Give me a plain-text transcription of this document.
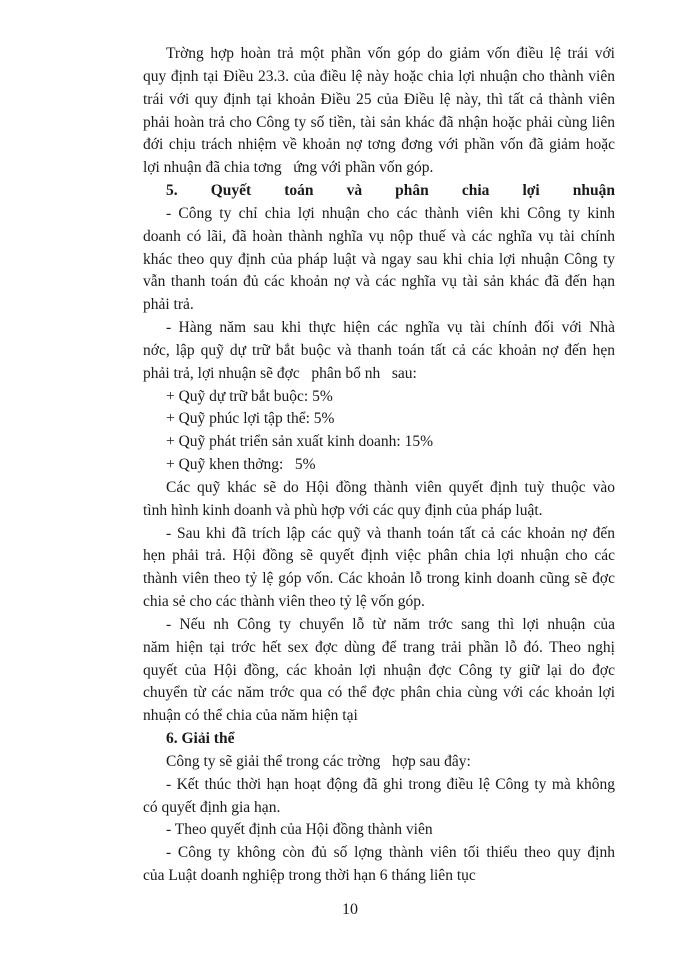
Trờng hợp hoàn trả một phần vốn góp do giảm vốn điều lệ trái với
quy định tại Điều 23.3. của điều lệ này hoặc chia lợi nhuận cho thành viên
trái với quy định tại khoản Điều 25 của Điều lệ này, thì tất cả thành viên
phải hoàn trả cho Công ty số tiền, tài sản khác đã nhận hoặc phải cùng liên
đới chịu trách nhiệm về khoản nợ tơng đơng với phần vốn đã giảm hoặc
lợi nhuận đã chia tơng   ứng với phần vốn góp.
5. Quyết toán và phân chia lợi nhuận
- Công ty chỉ chia lợi nhuận cho các thành viên khi Công ty kinh
doanh có lãi, đã hoàn thành nghĩa vụ nộp thuế và các nghĩa vụ tài chính
khác theo quy định của pháp luật và ngay sau khi chia lợi nhuận Công ty
vẫn thanh toán đủ các khoản nợ và các nghĩa vụ tài sản khác đã đến hạn
phải trả.
- Hàng năm sau khi thực hiện các nghĩa vụ tài chính đối với Nhà
nớc, lập quỹ dự trữ bắt buộc và thanh toán tất cả các khoản nợ đến hẹn
phải trả, lợi nhuận sẽ đợc   phân bổ nh   sau:
+ Quỹ dự trữ bắt buộc: 5%
+ Quỹ phúc lợi tập thể: 5%
+ Quỹ phát triển sản xuất kinh doanh: 15%
+ Quỹ khen thởng:   5%
Các quỹ khác sẽ do Hội đồng thành viên quyết định tuỳ thuộc vào
tình hình kinh doanh và phù hợp với các quy định của pháp luật.
- Sau khi đã trích lập các quỹ và thanh toán tất cả các khoản nợ đến
hẹn phải trả. Hội đồng sẽ quyết định việc phân chia lợi nhuận cho các
thành viên theo tỷ lệ góp vốn. Các khoản lỗ trong kinh doanh cũng sẽ đợc
chia sẻ cho các thành viên theo tỷ lệ vốn góp.
- Nếu nh Công ty chuyển lỗ từ năm trớc sang thì lợi nhuận của
năm hiện tại trớc hết sex đợc dùng để trang trải phần lỗ đó. Theo nghị
quyết của Hội đồng, các khoản lợi nhuận đợc Công ty giữ lại do đợc
chuyển từ các năm trớc qua có thể đợc phân chia cùng với các khoản lợi
nhuận có thể chia của năm hiện tại
6. Giải thể
Công ty sẽ giải thể trong các trờng   hợp sau đây:
- Kết thúc thời hạn hoạt động đã ghi trong điều lệ Công ty mà không
có quyết định gia hạn.
- Theo quyết định của Hội đồng thành viên
- Công ty không còn đủ số lợng thành viên tối thiểu theo quy định
của Luật doanh nghiệp trong thời hạn 6 tháng liên tục
10
